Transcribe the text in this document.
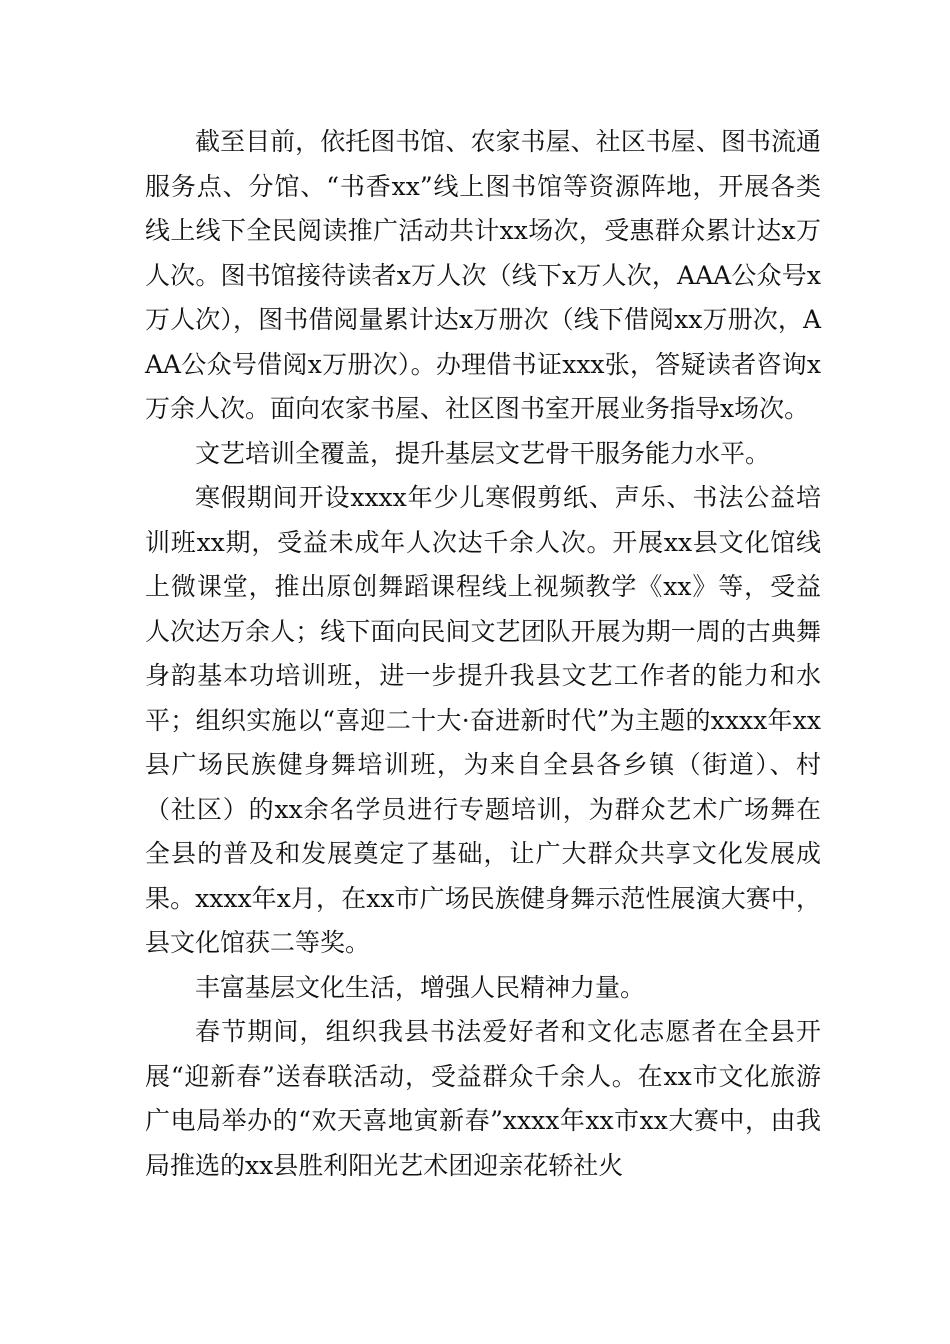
截至目前，依托图书馆、农家书屋、社区书屋、图书流通服务点、分馆、“书香xx”线上图书馆等资源阵地，开展各类线上线下全民阅读推广活动共计xx场次，受惠群众累计达x万人次。图书馆接待读者x万人次（线下x万人次，AAA公众号x万人次），图书借阅量累计达x万册次（线下借阅xx万册次，AAA公众号借阅x万册次）。办理借书证xxx张，答疑读者咨询x万余人次。面向农家书屋、社区图书室开展业务指导x场次。

文艺培训全覆盖，提升基层文艺骨干服务能力水平。

寒假期间开设xxxx年少儿寒假剪纸、声乐、书法公益培训班xx期，受益未成年人次达千余人次。开展xx县文化馆线上微课堂，推出原创舞蹈课程线上视频教学《xx》等，受益人次达万余人；线下面向民间文艺团队开展为期一周的古典舞身韵基本功培训班，进一步提升我县文艺工作者的能力和水平；组织实施以“喜迎二十大·奋进新时代”为主题的xxxx年xx县广场民族健身舞培训班，为来自全县各乡镇（街道）、村（社区）的xx余名学员进行专题培训，为群众艺术广场舞在全县的普及和发展奠定了基础，让广大群众共享文化发展成果。xxxx年x月，在xx市广场民族健身舞示范性展演大赛中，县文化馆获二等奖。

丰富基层文化生活，增强人民精神力量。

春节期间，组织我县书法爱好者和文化志愿者在全县开展“迎新春”送春联活动，受益群众千余人。在xx市文化旅游广电局举办的“欢天喜地寅新春”xxxx年xx市xx大赛中，由我局推选的xx县胜利阳光艺术团迎亲花轿社火
